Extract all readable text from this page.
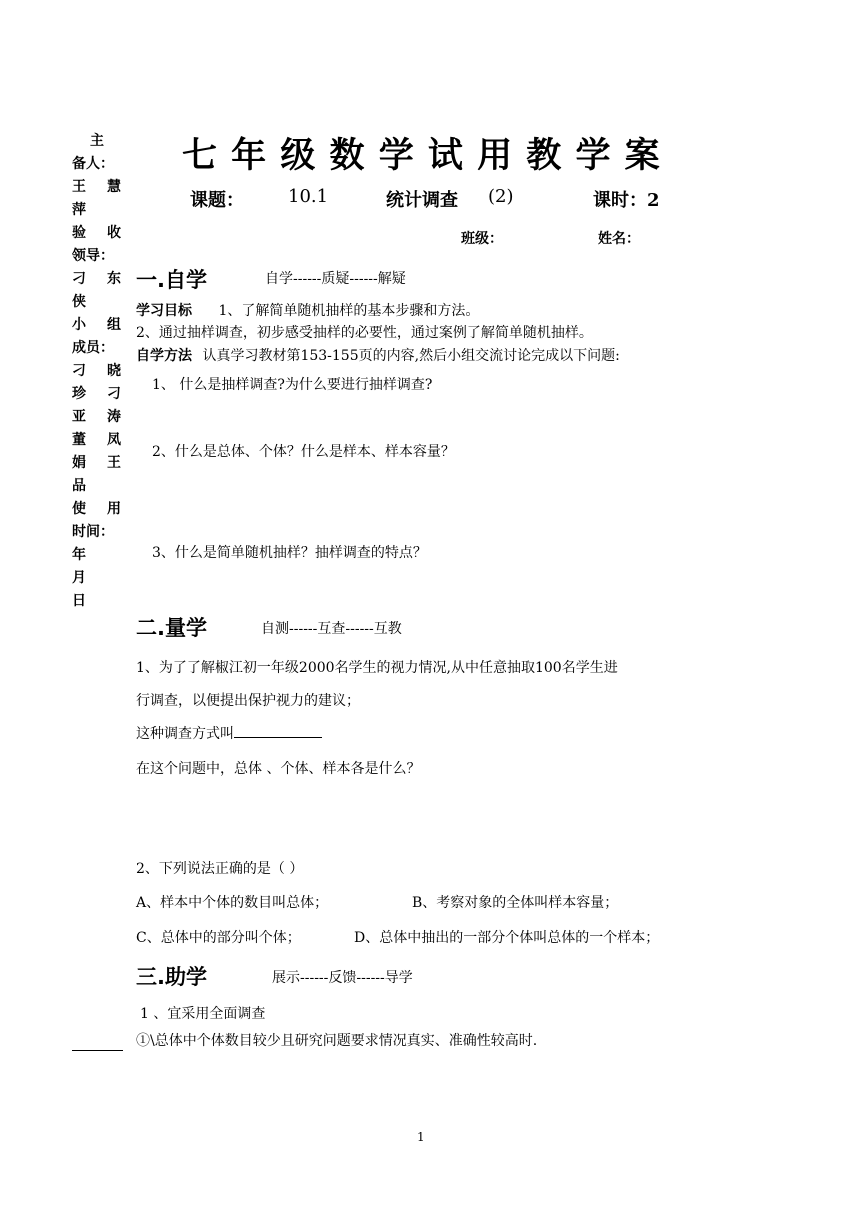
主
备人：
王 慧
萍
验 收
领导：
刁 东
侠
小 组
成员：
刁 晓
珍 刁
亚 涛
董 凤
娟 王
品
使 用
时间：
年
月
日
七 年 级 数 学 试 用 教 学 案
课题： 10.1	统计调查 (2)	课时：2
班级：	姓名：
一.自学	自学------质疑------解疑
学习目标 1、了解简单随机抽样的基本步骤和方法。
2、通过抽样调查，初步感受抽样的必要性，通过案例了解简单随机抽样。
自学方法 认真学习教材第153-155页的内容,然后小组交流讨论完成以下问题:
1、 什么是抽样调查?为什么要进行抽样调查?
2、什么是总体、个体？什么是样本、样本容量？
3、什么是简单随机抽样？抽样调查的特点？
二.量学	自测------互查------互教
1、为了了解椒江初一年级2000名学生的视力情况,从中任意抽取100名学生进
行调查，以便提出保护视力的建议；
这种调查方式叫
在这个问题中，总体 、个体、样本各是什么？
2、下列说法正确的是（ ）
A、样本中个体的数目叫总体；	B、考察对象的全体叫样本容量；
C、总体中的部分叫个体；	D、总体中抽出的一部分个体叫总体的一个样本；
三.助学	展示------反馈------导学
1 、宜采用全面调查
①\总体中个体数目较少且研究问题要求情况真实、准确性较高时.
1
